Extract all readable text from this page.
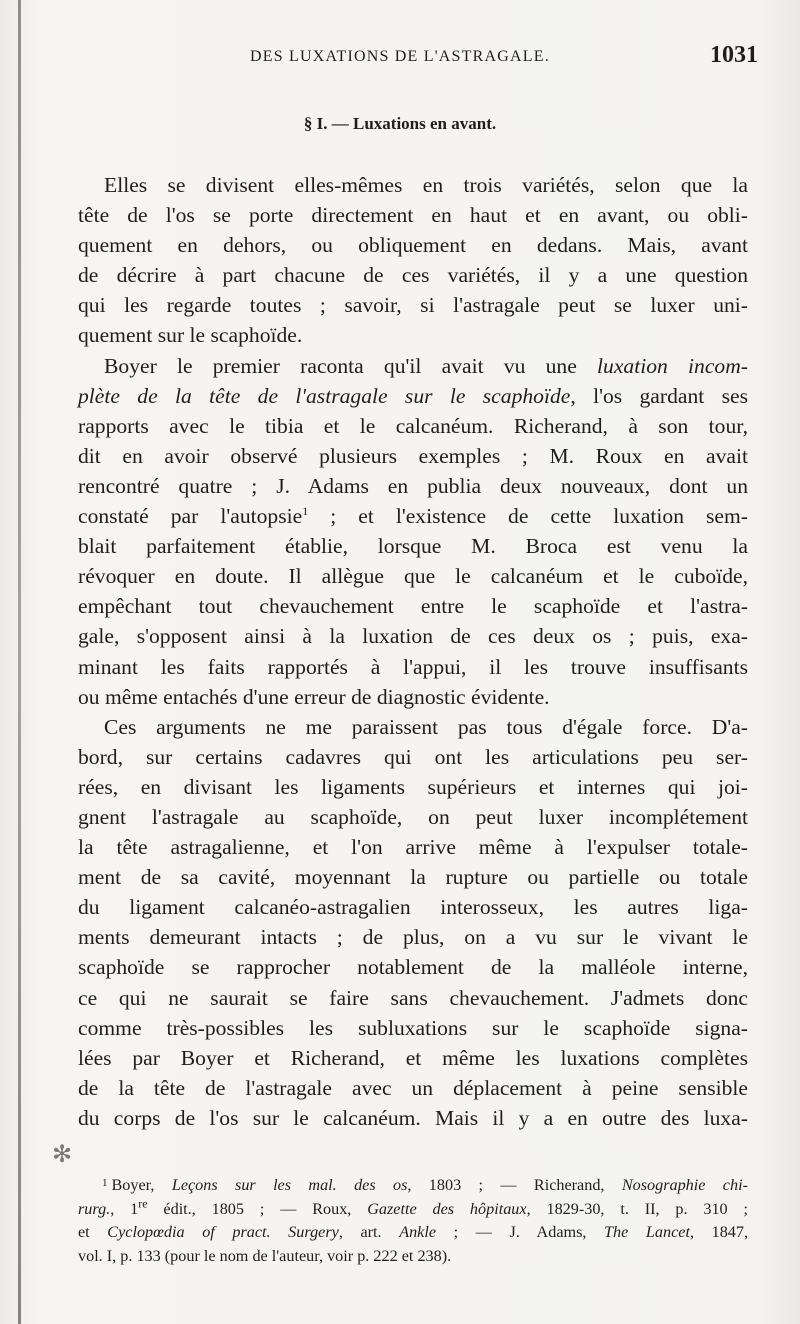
DES LUXATIONS DE L'ASTRAGALE.	1031
§ I. — Luxations en avant.

Elles se divisent elles-mêmes en trois variétés, selon que la
tête de l'os se porte directement en haut et en avant, ou obli-
quement en dehors, ou obliquement en dedans. Mais, avant
de décrire à part chacune de ces variétés, il y a une question
qui les regarde toutes ; savoir, si l'astragale peut se luxer uni-
quement sur le scaphoïde.

Boyer le premier raconta qu'il avait vu une luxation incom-
plète de la tête de l'astragale sur le scaphoïde, l'os gardant ses
rapports avec le tibia et le calcanéum. Richerand, à son tour,
dit en avoir observé plusieurs exemples ; M. Roux en avait
rencontré quatre ; J. Adams en publia deux nouveaux, dont un
constaté par l'autopsie$^1$ ; et l'existence de cette luxation sem-
blait parfaitement établie, lorsque M. Broca est venu la
révoquer en doute. Il allègue que le calcanéum et le cuboïde,
empêchant tout chevauchement entre le scaphoïde et l'astra-
gale, s'opposent ainsi à la luxation de ces deux os ; puis, exa-
minant les faits rapportés à l'appui, il les trouve insuffisants
ou même entachés d'une erreur de diagnostic évidente.

Ces arguments ne me paraissent pas tous d'égale force. D'a-
bord, sur certains cadavres qui ont les articulations peu ser-
rées, en divisant les ligaments supérieurs et internes qui joi-
gnent l'astragale au scaphoïde, on peut luxer incomplétement
la tête astragalienne, et l'on arrive même à l'expulser totale-
ment de sa cavité, moyennant la rupture ou partielle ou totale
du ligament calcanéo-astragalien interosseux, les autres liga-
ments demeurant intacts ; de plus, on a vu sur le vivant le
scaphoïde se rapprocher notablement de la malléole interne,
ce qui ne saurait se faire sans chevauchement. J'admets donc
comme très-possibles les subluxations sur le scaphoïde signa-
lées par Boyer et Richerand, et même les luxations complètes
de la tête de l'astragale avec un déplacement à peine sensible
du corps de l'os sur le calcanéum. Mais il y a en outre des luxa-

✻
$^1$ Boyer, Leçons sur les mal. des os, 1803 ; — Richerand, Nosographie chi-
rurg., 1re édit., 1805 ; — Roux, Gazette des hôpitaux, 1829-30, t. II, p. 310 ;
et Cyclopœdia of pract. Surgery, art. Ankle ; — J. Adams, The Lancet, 1847,
vol. I, p. 133 (pour le nom de l'auteur, voir p. 222 et 238).
